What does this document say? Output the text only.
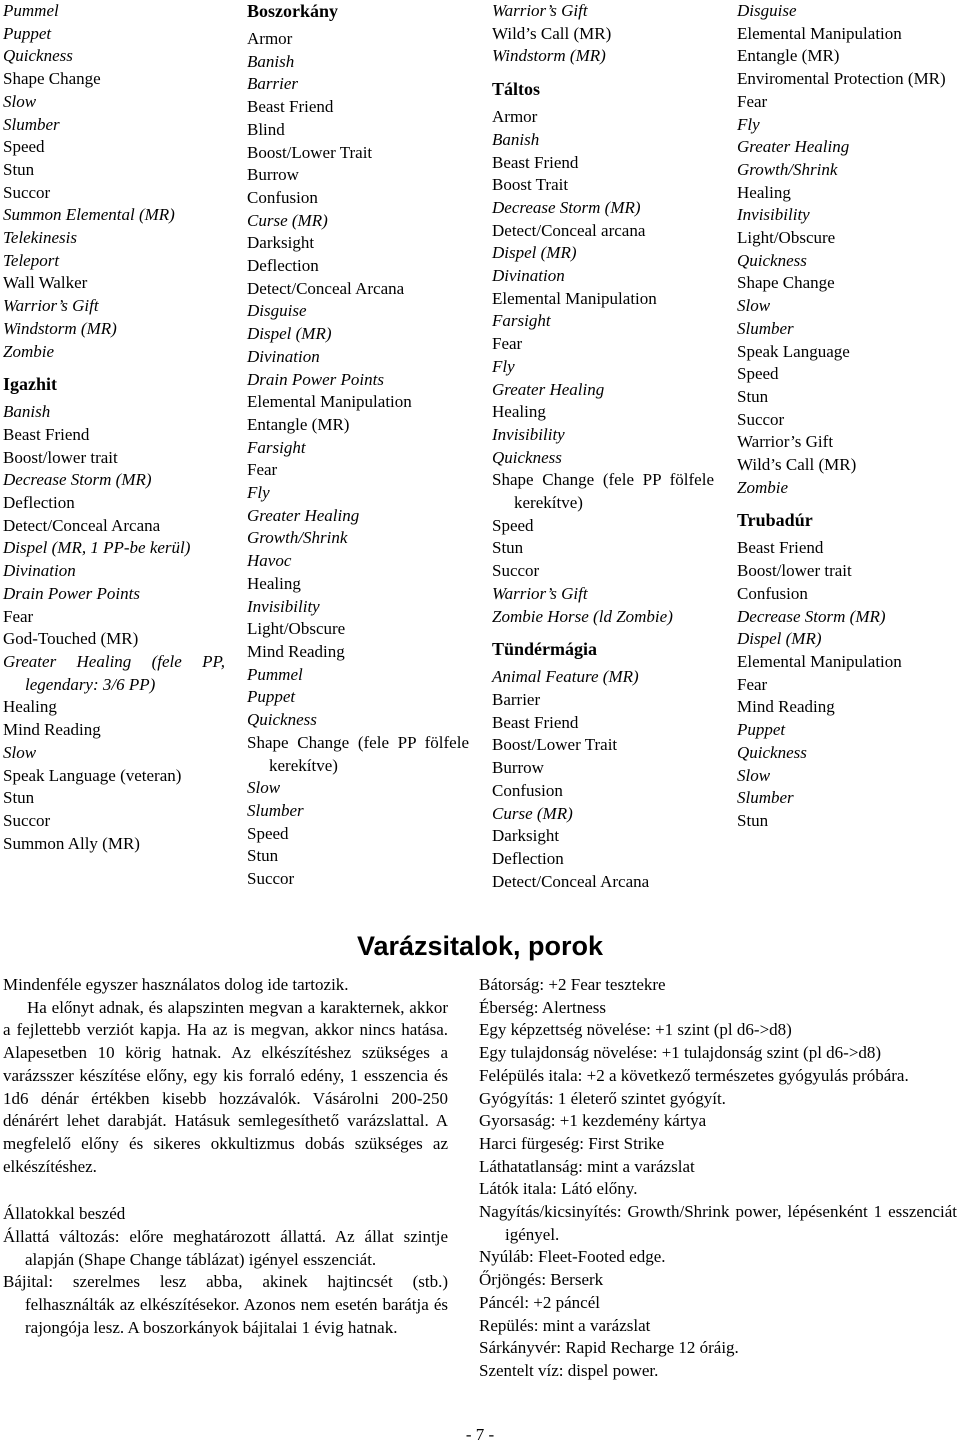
Pummel
Puppet
Quickness
Shape Change
Slow
Slumber
Speed
Stun
Succor
Summon Elemental (MR)
Telekinesis
Teleport
Wall Walker
Warrior’s Gift
Windstorm (MR)
Zombie
Igazhit
Banish
Beast Friend
Boost/lower trait
Decrease Storm (MR)
Deflection
Detect/Conceal Arcana
Dispel (MR, 1 PP-be kerül)
Divination
Drain Power Points
Fear
God-Touched (MR)
Greater Healing (fele PP, legendary: 3/6 PP)
Healing
Mind Reading
Slow
Speak Language (veteran)
Stun
Succor
Summon Ally (MR)
Boszorkány
Armor
Banish
Barrier
Beast Friend
Blind
Boost/Lower Trait
Burrow
Confusion
Curse (MR)
Darksight
Deflection
Detect/Conceal Arcana
Disguise
Dispel (MR)
Divination
Drain Power Points
Elemental Manipulation
Entangle (MR)
Farsight
Fear
Fly
Greater Healing
Growth/Shrink
Havoc
Healing
Invisibility
Light/Obscure
Mind Reading
Pummel
Puppet
Quickness
Shape Change (fele PP fölfele kerekítve)
Slow
Slumber
Speed
Stun
Succor
Warrior’s Gift
Wild’s Call (MR)
Windstorm (MR)
Táltos
Armor
Banish
Beast Friend
Boost Trait
Decrease Storm (MR)
Detect/Conceal arcana
Dispel (MR)
Divination
Elemental Manipulation
Farsight
Fear
Fly
Greater Healing
Healing
Invisibility
Quickness
Shape Change (fele PP fölfele kerekítve)
Speed
Stun
Succor
Warrior’s Gift
Zombie Horse (ld Zombie)
Tündérmágia
Animal Feature (MR)
Barrier
Beast Friend
Boost/Lower Trait
Burrow
Confusion
Curse (MR)
Darksight
Deflection
Detect/Conceal Arcana
Disguise
Elemental Manipulation
Entangle (MR)
Enviromental Protection (MR)
Fear
Fly
Greater Healing
Growth/Shrink
Healing
Invisibility
Light/Obscure
Quickness
Shape Change
Slow
Slumber
Speak Language
Speed
Stun
Succor
Warrior’s Gift
Wild’s Call (MR)
Zombie
Trubadúr
Beast Friend
Boost/lower trait
Confusion
Decrease Storm (MR)
Dispel (MR)
Elemental Manipulation
Fear
Mind Reading
Puppet
Quickness
Slow
Slumber
Stun
Varázsitalok, porok

Mindenféle egyszer használatos dolog ide tartozik.

Ha előnyt adnak, és alapszinten megvan a karakternek, akkor a fejlettebb verziót kapja. Ha az is megvan, akkor nincs hatása. Alapesetben 10 körig hatnak. Az elkészítéshez szükséges a varázsszer készítése előny, egy kis forraló edény, 1 esszencia és 1d6 dénár értékben kisebb hozzávalók. Vásárolni 200-250 dénárért lehet darabját. Hatásuk semlegesíthető varázslattal. A megfelelő előny és sikeres okkultizmus dobás szükséges az elkészítéshez.

Állatokkal beszéd
Állattá változás: előre meghatározott állattá. Az állat szintje alapján (Shape Change táblázat) igényel esszenciát.
Bájital: szerelmes lesz abba, akinek hajtincsét (stb.) felhasználták az elkészítésekor. Azonos nem esetén barátja és rajongója lesz. A boszorkányok bájitalai 1 évig hatnak.
Bátorság: +2 Fear tesztekre
Éberség: Alertness
Egy képzettség növelése: +1 szint (pl d6->d8)
Egy tulajdonság növelése: +1 tulajdonság szint (pl d6->d8)
Felépülés itala: +2 a következő természetes gyógyulás próbára.
Gyógyítás: 1 életerő szintet gyógyít.
Gyorsaság: +1 kezdemény kártya
Harci fürgeség: First Strike
Láthatatlanság: mint a varázslat
Látók itala: Látó előny.
Nagyítás/kicsinyítés: Growth/Shrink power, lépésenként 1 esszenciát igényel.
Nyúláb: Fleet-Footed edge.
Őrjöngés: Berserk
Páncél: +2 páncél
Repülés: mint a varázslat
Sárkányvér: Rapid Recharge 12 óráig.
Szentelt víz: dispel power.
- 7 -
